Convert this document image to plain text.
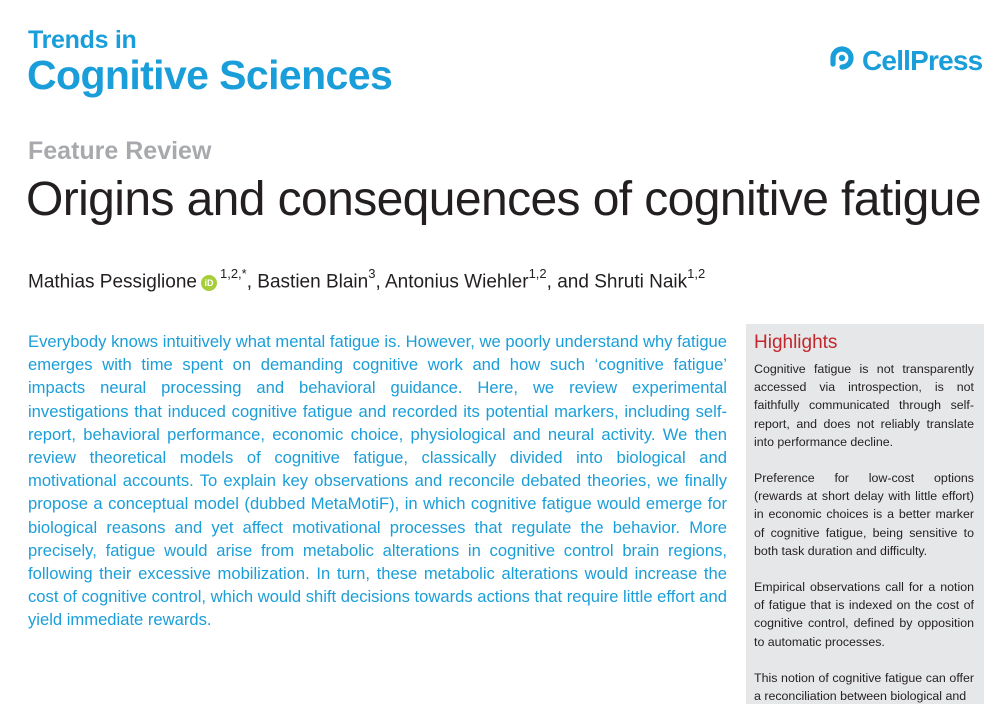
Trends in
Cognitive Sciences	CellPress
Feature Review
Origins and consequences of cognitive fatigue
Mathias Pessiglione $iD^{1,2,*}$, Bastien Blain$^3$, Antonius Wiehler$^{1,2}$, and Shruti Naik$^{1,2}$

Everybody knows intuitively what mental fatigue is. However, we poorly understand why fatigue emerges with time spent on demanding cognitive work and how such ‘cognitive fatigue’ impacts neural processing and behavioral guidance. Here, we review experimental investigations that induced cognitive fatigue and recorded its potential markers, including self-report, behavioral performance, economic choice, physiological and neural activity. We then review theoretical models of cognitive fatigue, classically divided into biological and motivational accounts. To explain key observations and reconcile debated theories, we finally propose a conceptual model (dubbed MetaMotiF), in which cognitive fatigue would emerge for biological reasons and yet affect motivational processes that regulate the behavior. More precisely, fatigue would arise from metabolic alterations in cognitive control brain regions, following their excessive mobilization. In turn, these metabolic alterations would increase the cost of cognitive control, which would shift decisions towards actions that require little effort and yield immediate rewards.

Highlights
Cognitive fatigue is not transparently accessed via introspection, is not faithfully communicated through self-report, and does not reliably translate into performance decline.
Preference for low-cost options (rewards at short delay with little effort) in economic choices is a better marker of cognitive fatigue, being sensitive to both task duration and difficulty.
Empirical observations call for a notion of fatigue that is indexed on the cost of cognitive control, defined by opposition to automatic processes.
This notion of cognitive fatigue can offer a reconciliation between biological and
